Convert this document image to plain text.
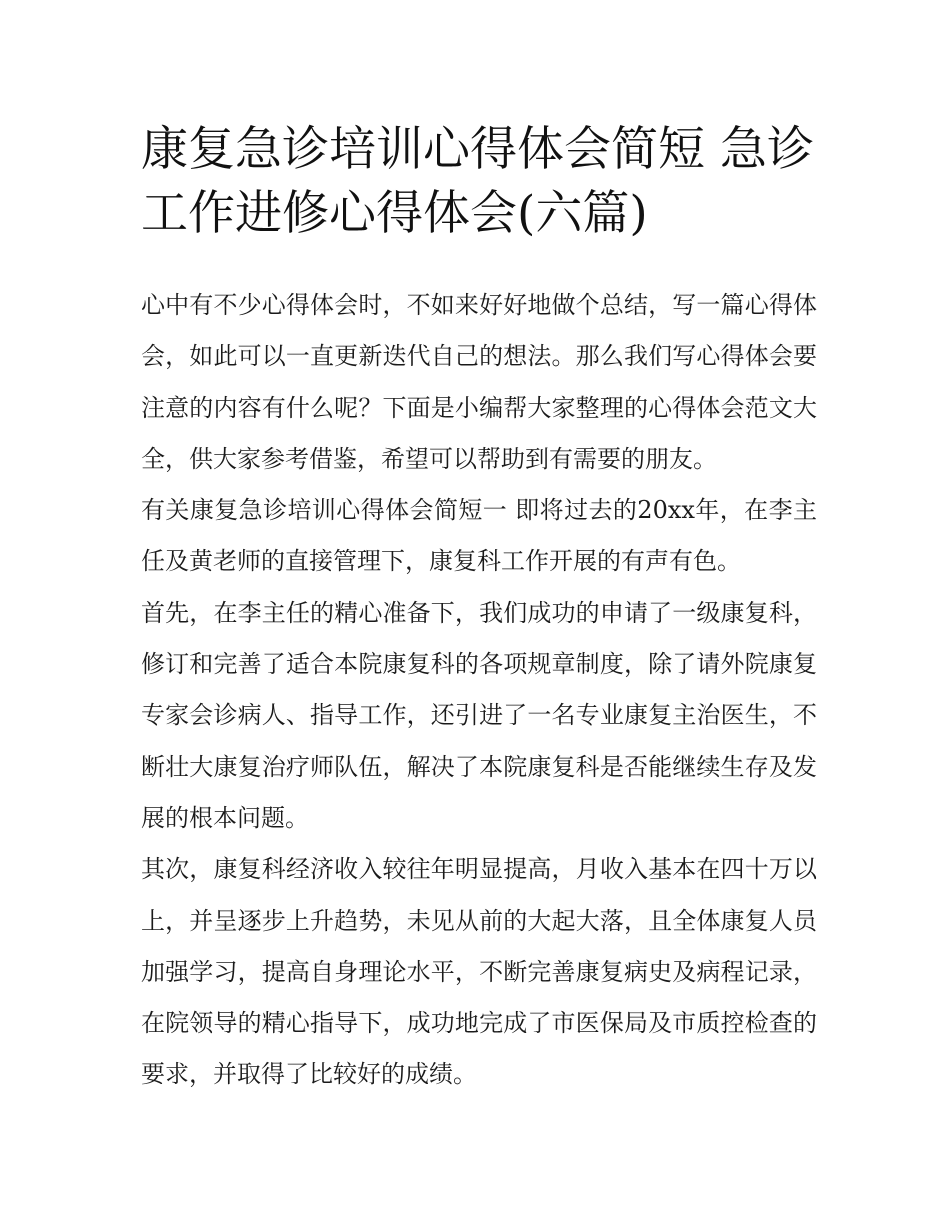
康复急诊培训心得体会简短 急诊工作进修心得体会(六篇)

心中有不少心得体会时，不如来好好地做个总结，写一篇心得体会，如此可以一直更新迭代自己的想法。那么我们写心得体会要注意的内容有什么呢？下面是小编帮大家整理的心得体会范文大全，供大家参考借鉴，希望可以帮助到有需要的朋友。

有关康复急诊培训心得体会简短一 即将过去的20xx年，在李主任及黄老师的直接管理下，康复科工作开展的有声有色。

首先，在李主任的精心准备下，我们成功的申请了一级康复科，修订和完善了适合本院康复科的各项规章制度，除了请外院康复专家会诊病人、指导工作，还引进了一名专业康复主治医生，不断壮大康复治疗师队伍，解决了本院康复科是否能继续生存及发展的根本问题。

其次，康复科经济收入较往年明显提高，月收入基本在四十万以上，并呈逐步上升趋势，未见从前的大起大落，且全体康复人员加强学习，提高自身理论水平，不断完善康复病史及病程记录，在院领导的精心指导下，成功地完成了市医保局及市质控检查的要求，并取得了比较好的成绩。
